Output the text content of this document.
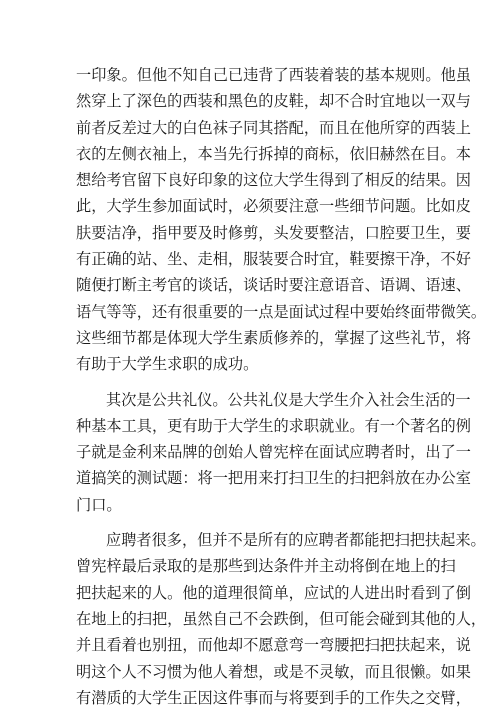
一印象。但他不知自己已违背了西装着装的基本规则。他虽
然穿上了深色的西装和黑色的皮鞋，却不合时宜地以一双与
前者反差过大的白色袜子同其搭配，而且在他所穿的西装上
衣的左侧衣袖上，本当先行拆掉的商标，依旧赫然在目。本
想给考官留下良好印象的这位大学生得到了相反的结果。因
此，大学生参加面试时，必须要注意一些细节问题。比如皮
肤要洁净，指甲要及时修剪，头发要整洁，口腔要卫生，要
有正确的站、坐、走相，服装要合时宜，鞋要擦干净，不好
随便打断主考官的谈话，谈话时要注意语音、语调、语速、
语气等等，还有很重要的一点是面试过程中要始终面带微笑。
这些细节都是体现大学生素质修养的，掌握了这些礼节，将
有助于大学生求职的成功。
其次是公共礼仪。公共礼仪是大学生介入社会生活的一
种基本工具，更有助于大学生的求职就业。有一个著名的例
子就是金利来品牌的创始人曾宪梓在面试应聘者时，出了一
道搞笑的测试题：将一把用来打扫卫生的扫把斜放在办公室
门口。
应聘者很多，但并不是所有的应聘者都能把扫把扶起来。
曾宪梓最后录取的是那些到达条件并主动将倒在地上的扫
把扶起来的人。他的道理很简单，应试的人进出时看到了倒
在地上的扫把，虽然自己不会跌倒，但可能会碰到其他的人，
并且看着也别扭，而他却不愿意弯一弯腰把扫把扶起来，说
明这个人不习惯为他人着想，或是不灵敏，而且很懒。如果
有潜质的大学生正因这件事而与将要到手的工作失之交臂，
